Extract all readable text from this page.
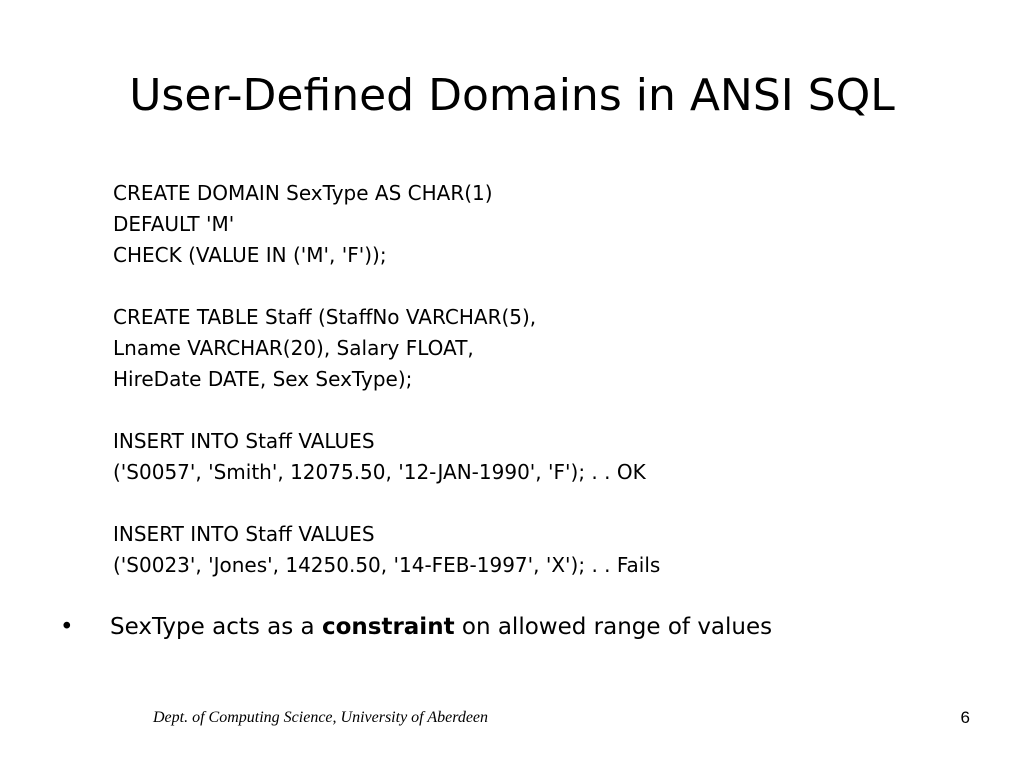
User-Defined Domains in ANSI SQL
CREATE DOMAIN SexType AS CHAR(1)
DEFAULT 'M'
CHECK (VALUE IN ('M', 'F'));
CREATE TABLE Staff (StaffNo VARCHAR(5),
Lname VARCHAR(20), Salary FLOAT,
HireDate DATE, Sex SexType);
INSERT INTO Staff VALUES
('S0057', 'Smith', 12075.50, '12-JAN-1990', 'F'); . . OK
INSERT INTO Staff VALUES
('S0023', 'Jones', 14250.50, '14-FEB-1997', 'X'); . . Fails
• SexType acts as a constraint on allowed range of values
Dept. of Computing Science, University of Aberdeen	6
